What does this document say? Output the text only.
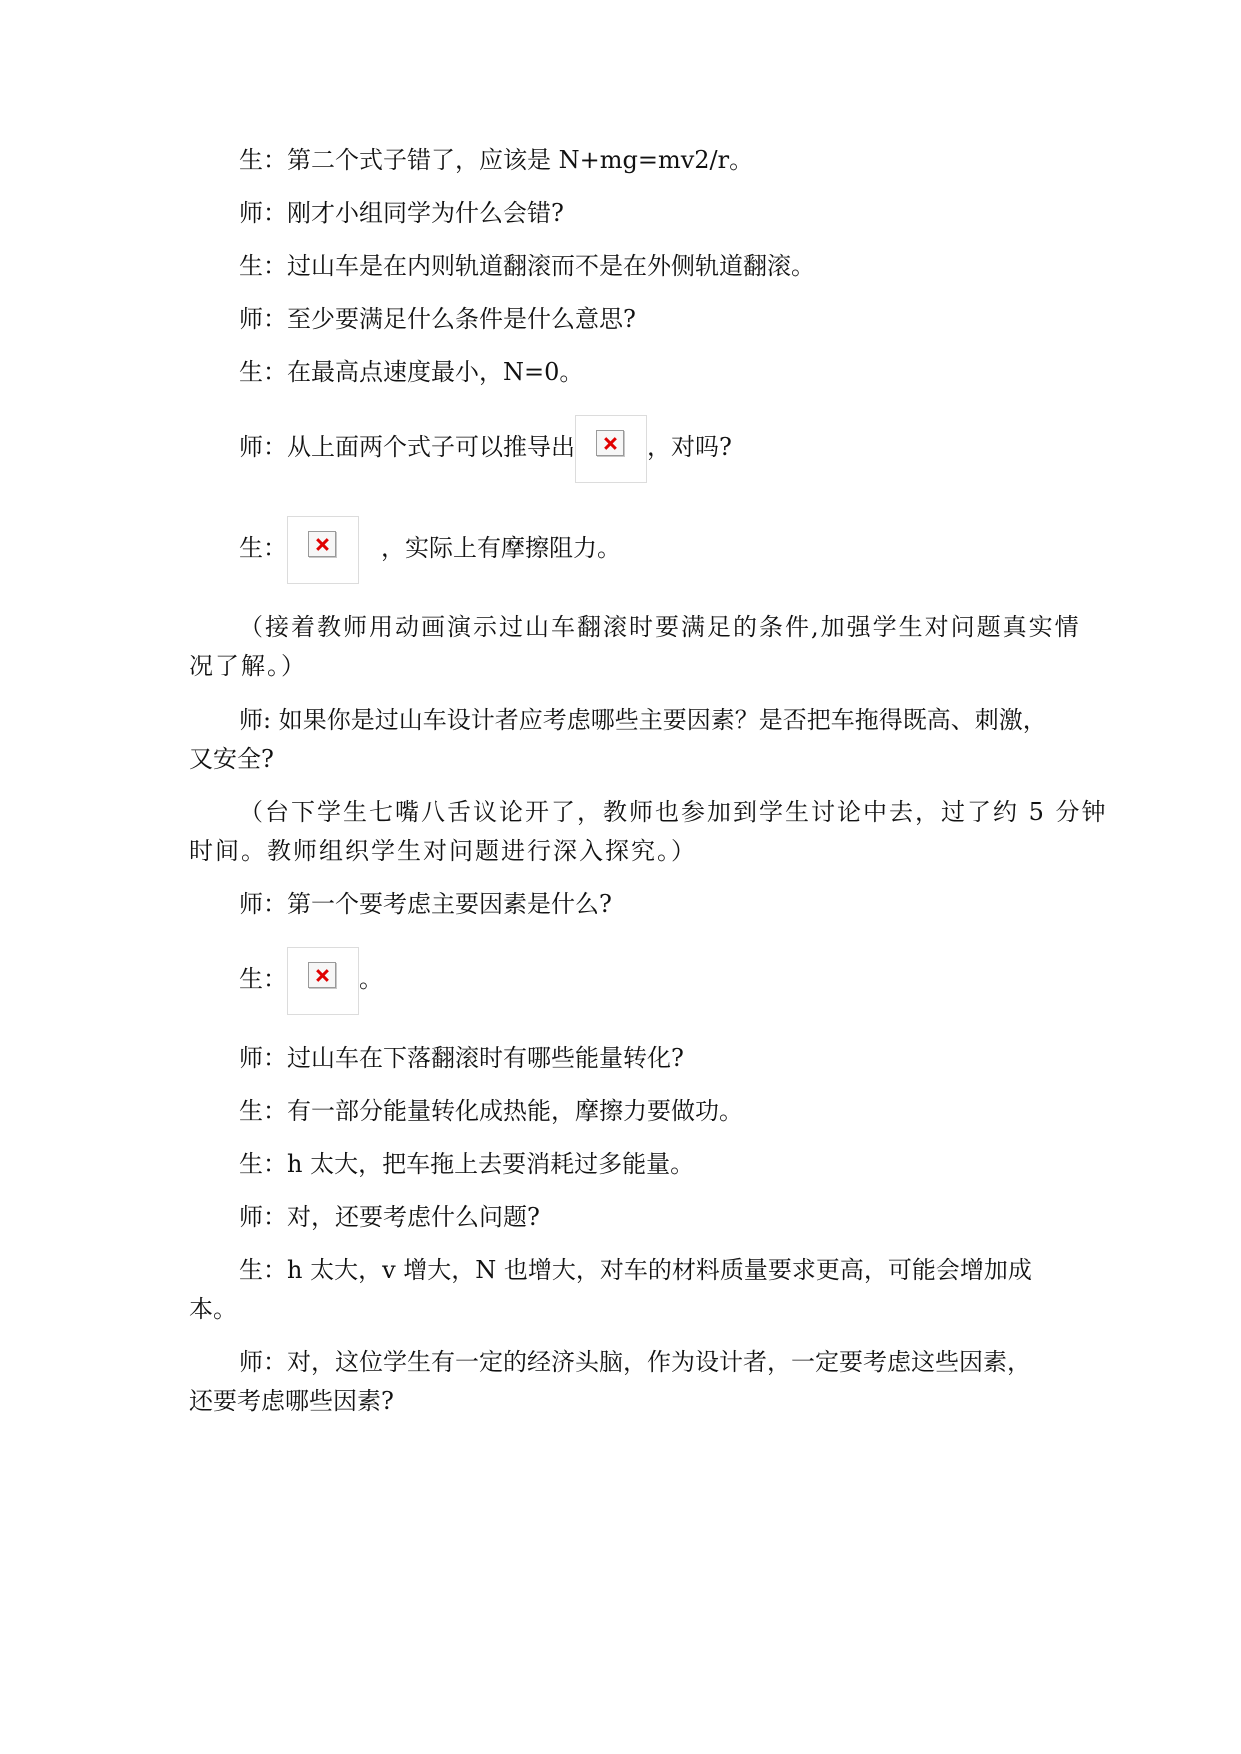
生：第二个式子错了，应该是 N+mg=mv2/r。
师：刚才小组同学为什么会错?
生：过山车是在内则轨道翻滚而不是在外侧轨道翻滚。
师：至少要满足什么条件是什么意思?
生：在最高点速度最小，N=0。
师：从上面两个式子可以推导出	，对吗?
生：	，实际上有摩擦阻力。
（接着教师用动画演示过山车翻滚时要满足的条件,加强学生对问题真实情
况了解。）
师: 如果你是过山车设计者应考虑哪些主要因素？是否把车拖得既高、刺激，
又安全?
（台下学生七嘴八舌议论开了，教师也参加到学生讨论中去，过了约 5 分钟
时间。教师组织学生对问题进行深入探究。）
师：第一个要考虑主要因素是什么?
生：	。
师：过山车在下落翻滚时有哪些能量转化?
生：有一部分能量转化成热能，摩擦力要做功。
生：h 太大，把车拖上去要消耗过多能量。
师：对，还要考虑什么问题?
生：h 太大，v 增大，N 也增大，对车的材料质量要求更高，可能会增加成
本。
师：对，这位学生有一定的经济头脑，作为设计者，一定要考虑这些因素，
还要考虑哪些因素?
